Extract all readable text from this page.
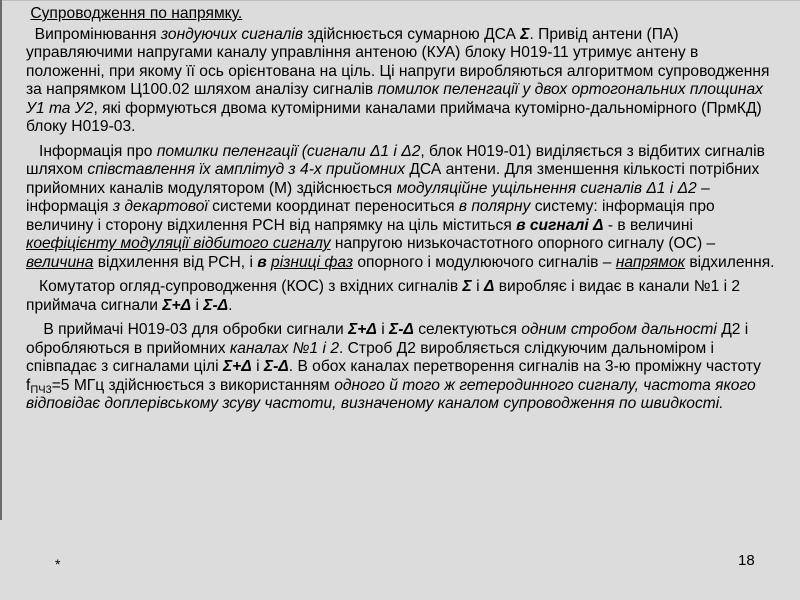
Супроводження по напрямку.

Випромінювання зондуючих сигналів здійснюється сумарною ДСА Σ. Привід антени (ПА) управляючими напругами каналу управління антеною (КУА) блоку Н019-11 утримує антену в положенні, при якому її ось орієнтована на ціль. Ці напруги виробляються алгоритмом супроводження за напрямком Ц100.02 шляхом аналізу сигналів помилок пеленгації у двох ортогональних площинах У1 та У2, які формуються двома кутомірними каналами приймача кутомірно-дальномірного (ПрмКД) блоку Н019-03.

Інформація про помилки пеленгації (сигнали Δ1 і Δ2, блок Н019-01) виділяється з відбитих сигналів шляхом співставлення їх амплітуд з 4-х прийомних ДСА антени. Для зменшення кількості потрібних прийомних каналів модулятором (М) здійснюється модуляційне ущільнення сигналів Δ1 і Δ2 – інформація з декартової системи координат переноситься в полярну систему: інформація про величину і сторону відхилення РСН від напрямку на ціль міститься в сигналі Δ - в величині коефіцієнту модуляції відбитого сигналу напругою низькочастотного опорного сигналу (ОС) – величина відхилення від РСН, і в різниці фаз опорного і модулюючого сигналів – напрямок відхилення.

Комутатор огляд-супроводження (КОС) з вхідних сигналів Σ і Δ виробляє і видає в канали №1 і 2 приймача сигнали Σ+Δ і Σ-Δ.

В приймачі Н019-03 для обробки сигнали Σ+Δ і Σ-Δ селектуються одним стробом дальності Д2 і обробляються в прийомних каналах №1 і 2. Строб Д2 виробляється слідкуючим дальноміром і співпадає з сигналами цілі Σ+Δ і Σ-Δ. В обох каналах перетворення сигналів на 3-ю проміжну частоту $f_{ПЧ3}=5$ МГц здійснюється з використанням одного й того ж гетеродинного сигналу, частота якого відповідає доплерівському зсуву частоти, визначеному каналом супроводження по швидкості.

*	18
